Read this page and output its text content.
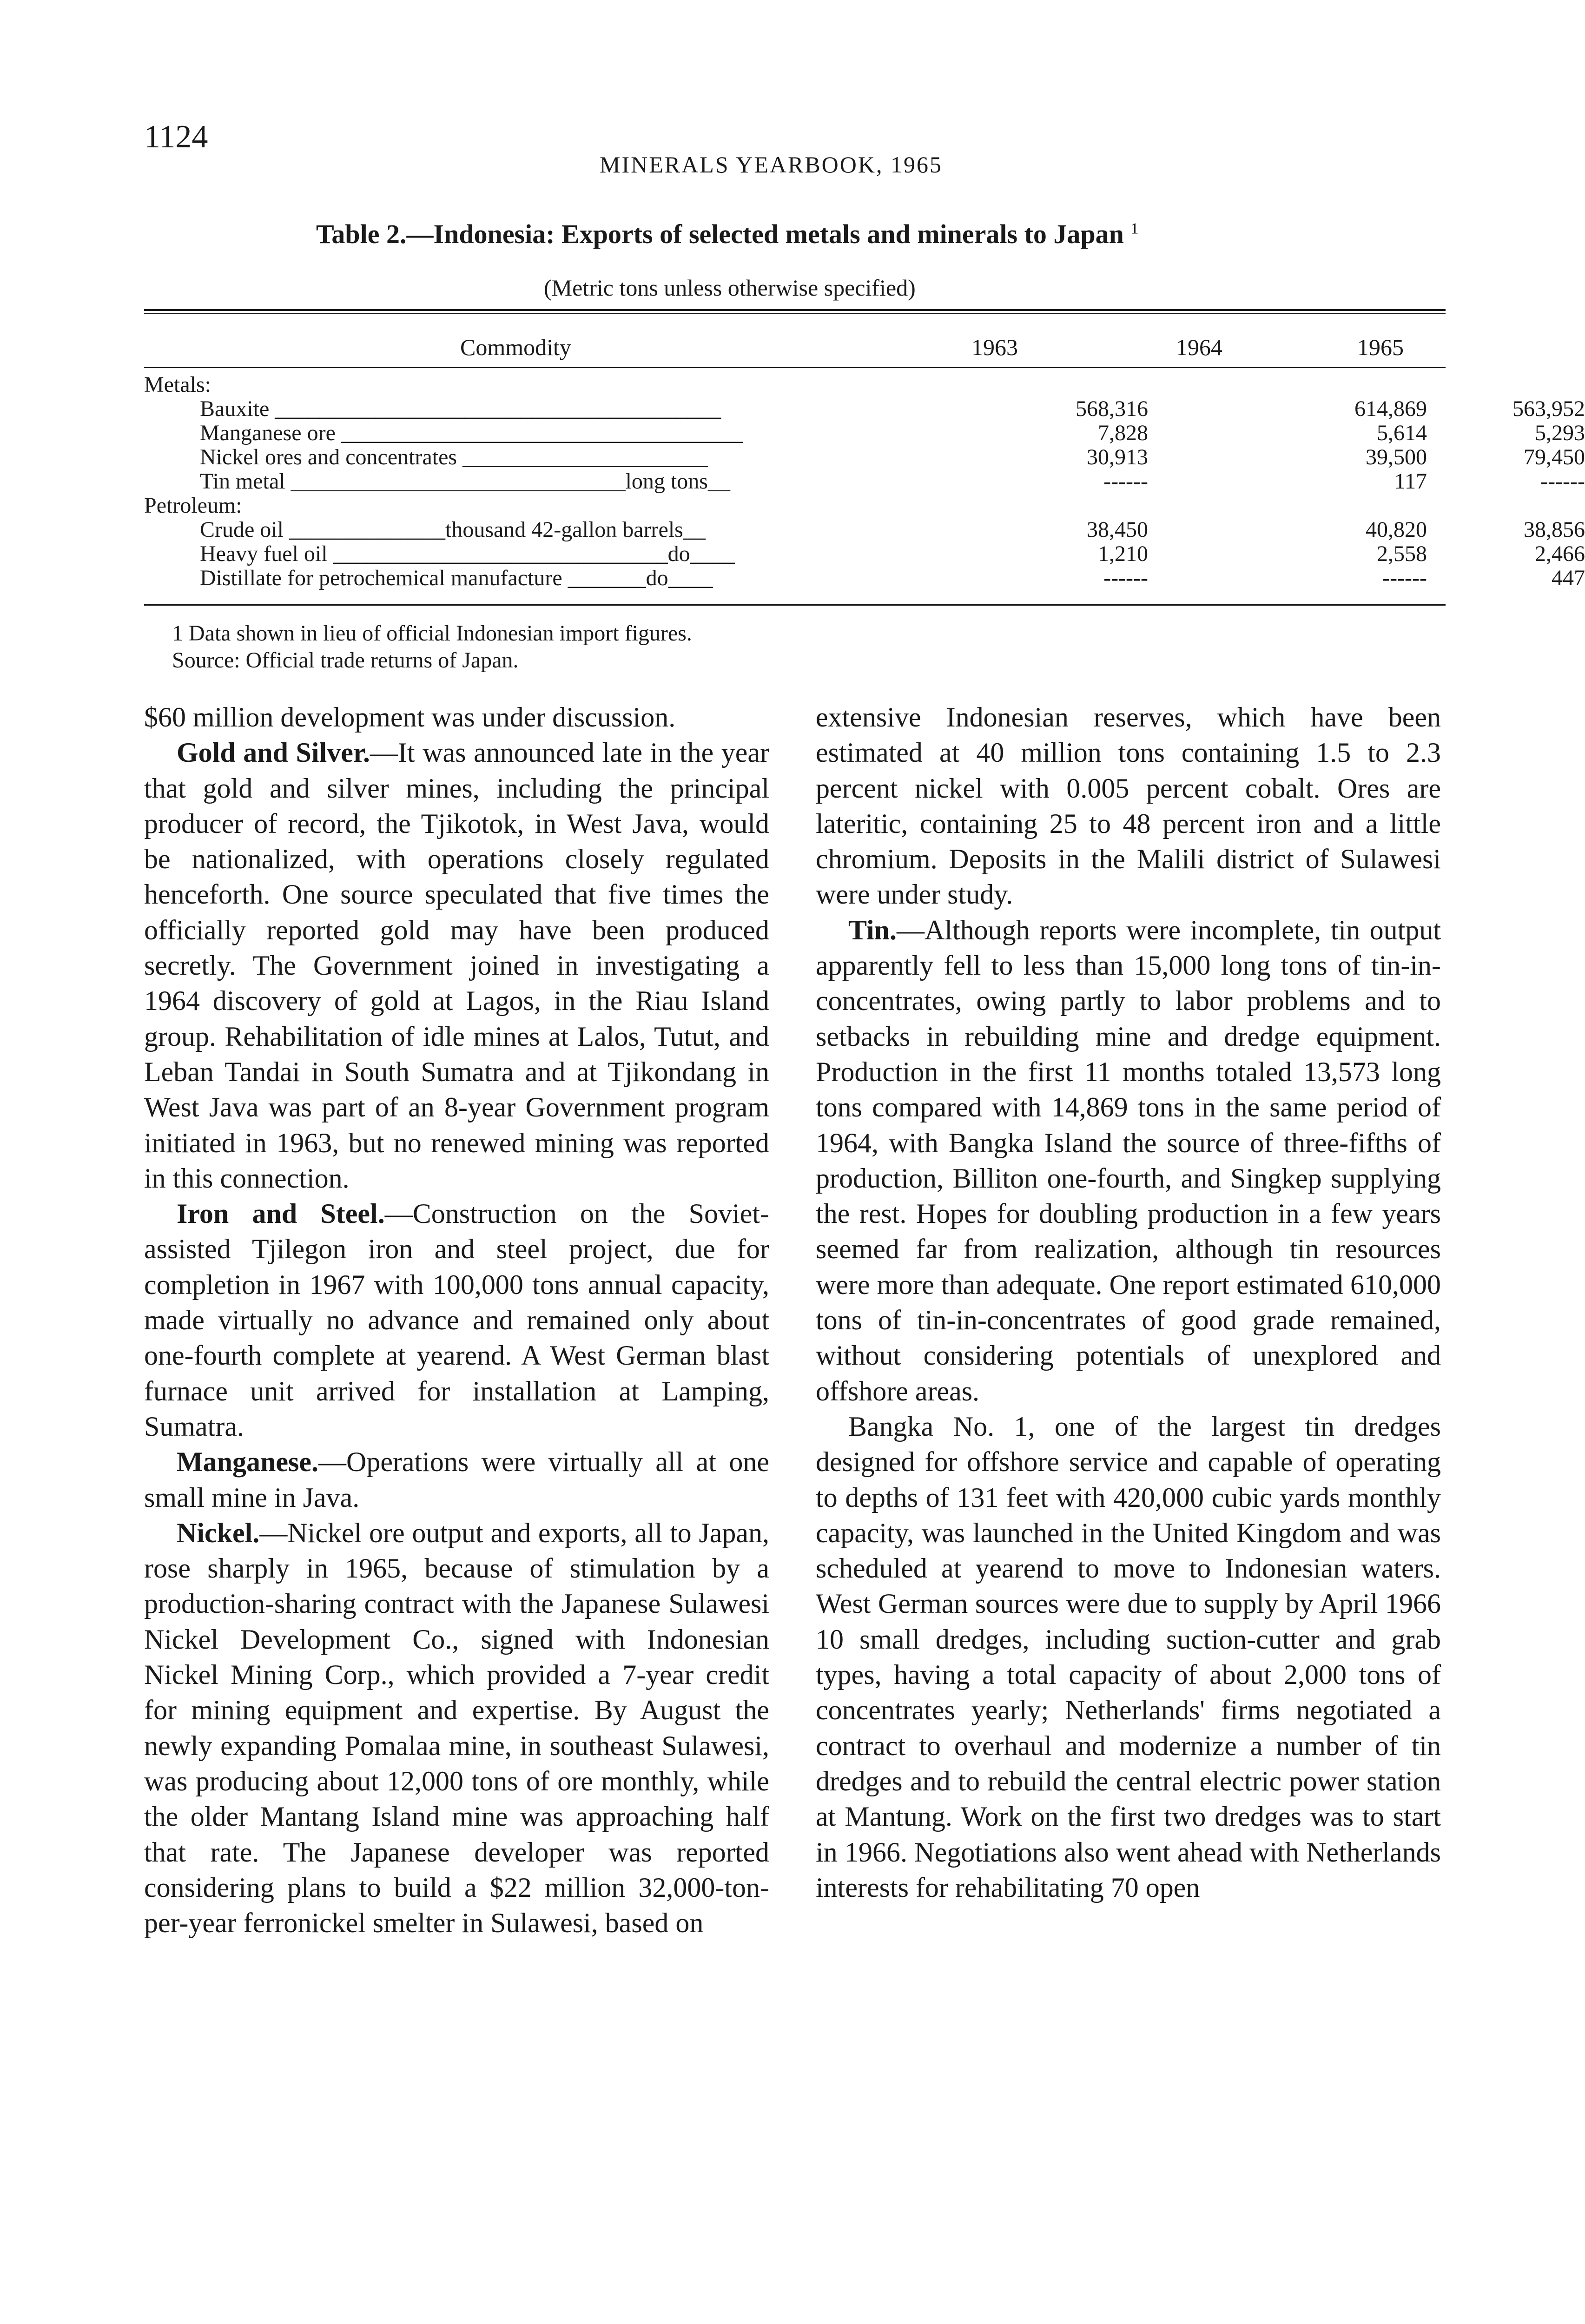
1124
MINERALS YEARBOOK, 1965
Table 2.—Indonesia: Exports of selected metals and minerals to Japan $^1$
(Metric tons unless otherwise specified)
Commodity	1963	1964	1965
Metals:
Bauxite ________________________________________	568,316	614,869	563,952
Manganese ore ____________________________________	7,828	5,614	5,293
Nickel ores and concentrates ______________________	30,913	39,500	79,450
Tin metal ______________________________long tons__	------	117	------
Petroleum:
Crude oil ______________thousand 42-gallon barrels__	38,450	40,820	38,856
Heavy fuel oil ______________________________do____	1,210	2,558	2,466
Distillate for petrochemical manufacture _______do____	------	------	447
1 Data shown in lieu of official Indonesian import figures.
Source: Official trade returns of Japan.

$60 million development was under discussion.

Gold and Silver.—It was announced late in the year that gold and silver mines, including the principal producer of record, the Tjikotok, in West Java, would be nationalized, with operations closely regulated henceforth. One source speculated that five times the officially reported gold may have been produced secretly. The Government joined in investigating a 1964 discovery of gold at Lagos, in the Riau Island group. Rehabilitation of idle mines at Lalos, Tutut, and Leban Tandai in South Sumatra and at Tjikondang in West Java was part of an 8-year Government program initiated in 1963, but no renewed mining was reported in this connection.

Iron and Steel.—Construction on the Soviet-assisted Tjilegon iron and steel project, due for completion in 1967 with 100,000 tons annual capacity, made virtually no advance and remained only about one-fourth complete at yearend. A West German blast furnace unit arrived for installation at Lamping, Sumatra.

Manganese.—Operations were virtually all at one small mine in Java.

Nickel.—Nickel ore output and exports, all to Japan, rose sharply in 1965, because of stimulation by a production-sharing contract with the Japanese Sulawesi Nickel Development Co., signed with Indonesian Nickel Mining Corp., which provided a 7-year credit for mining equipment and expertise. By August the newly expanding Pomalaa mine, in southeast Sulawesi, was producing about 12,000 tons of ore monthly, while the older Mantang Island mine was approaching half that rate. The Japanese developer was reported considering plans to build a $22 million 32,000-ton-per-year ferronickel smelter in Sulawesi, based on

extensive Indonesian reserves, which have been estimated at 40 million tons containing 1.5 to 2.3 percent nickel with 0.005 percent cobalt. Ores are lateritic, containing 25 to 48 percent iron and a little chromium. Deposits in the Malili district of Sulawesi were under study.

Tin.—Although reports were incomplete, tin output apparently fell to less than 15,000 long tons of tin-in-concentrates, owing partly to labor problems and to setbacks in rebuilding mine and dredge equipment. Production in the first 11 months totaled 13,573 long tons compared with 14,869 tons in the same period of 1964, with Bangka Island the source of three-fifths of production, Billiton one-fourth, and Singkep supplying the rest. Hopes for doubling production in a few years seemed far from realization, although tin resources were more than adequate. One report estimated 610,000 tons of tin-in-concentrates of good grade remained, without considering potentials of unexplored and offshore areas.

Bangka No. 1, one of the largest tin dredges designed for offshore service and capable of operating to depths of 131 feet with 420,000 cubic yards monthly capacity, was launched in the United Kingdom and was scheduled at yearend to move to Indonesian waters. West German sources were due to supply by April 1966 10 small dredges, including suction-cutter and grab types, having a total capacity of about 2,000 tons of concentrates yearly; Netherlands' firms negotiated a contract to overhaul and modernize a number of tin dredges and to rebuild the central electric power station at Mantung. Work on the first two dredges was to start in 1966. Negotiations also went ahead with Netherlands interests for rehabilitating 70 open
